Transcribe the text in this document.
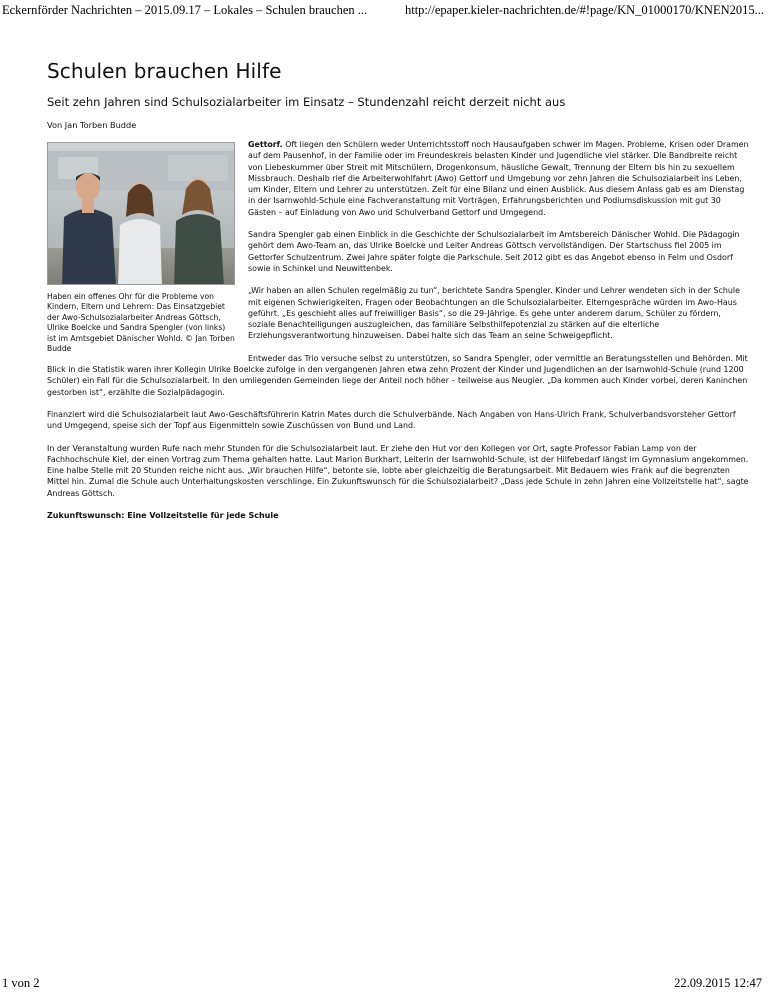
Eckernförder Nachrichten – 2015.09.17 – Lokales – Schulen brauchen ...	http://epaper.kieler-nachrichten.de/#!page/KN_01000170/KNEN2015...
Schulen brauchen Hilfe
Seit zehn Jahren sind Schulsozialarbeiter im Einsatz – Stundenzahl reicht derzeit nicht aus
Von Jan Torben Budde
Haben ein offenes Ohr für die Probleme von Kindern, Eltern und Lehrern: Das Einsatzgebiet der Awo-Schulsozialarbeiter Andreas Göttsch, Ulrike Boelcke und Sandra Spengler (von links) ist im Amtsgebiet Dänischer Wohld. © Jan Torben Budde

Gettorf. Oft liegen den Schülern weder Unterrichtsstoff noch Hausaufgaben schwer im Magen. Probleme, Krisen oder Dramen auf dem Pausenhof, in der Familie oder im Freundeskreis belasten Kinder und Jugendliche viel stärker. Die Bandbreite reicht von Liebeskummer über Streit mit Mitschülern, Drogenkonsum, häusliche Gewalt, Trennung der Eltern bis hin zu sexuellem Missbrauch. Deshalb rief die Arbeiterwohlfahrt (Awo) Gettorf und Umgebung vor zehn Jahren die Schulsozialarbeit ins Leben, um Kinder, Eltern und Lehrer zu unterstützen. Zeit für eine Bilanz und einen Ausblick. Aus diesem Anlass gab es am Dienstag in der Isarnwohld-Schule eine Fachveranstaltung mit Vorträgen, Erfahrungsberichten und Podiumsdiskussion mit gut 30 Gästen – auf Einladung von Awo und Schulverband Gettorf und Umgegend.

Sandra Spengler gab einen Einblick in die Geschichte der Schulsozialarbeit im Amtsbereich Dänischer Wohld. Die Pädagogin gehört dem Awo-Team an, das Ulrike Boelcke und Leiter Andreas Göttsch vervollständigen. Der Startschuss fiel 2005 im Gettorfer Schulzentrum. Zwei Jahre später folgte die Parkschule. Seit 2012 gibt es das Angebot ebenso in Felm und Osdorf sowie in Schinkel und Neuwittenbek.

„Wir haben an allen Schulen regelmäßig zu tun“, berichtete Sandra Spengler. Kinder und Lehrer wendeten sich in der Schule mit eigenen Schwierigkeiten, Fragen oder Beobachtungen an die Schulsozialarbeiter. Elterngespräche würden im Awo-Haus geführt. „Es geschieht alles auf freiwilliger Basis“, so die 29-Jährige. Es gehe unter anderem darum, Schüler zu fördern, soziale Benachteiligungen auszugleichen, das familiäre Selbsthilfepotenzial zu stärken auf die elterliche Erziehungsverantwortung hinzuweisen. Dabei halte sich das Team an seine Schweigepflicht.

Entweder das Trio versuche selbst zu unterstützen, so Sandra Spengler, oder vermittle an Beratungsstellen und Behörden. Mit Blick in die Statistik waren ihrer Kollegin Ulrike Boelcke zufolge in den vergangenen Jahren etwa zehn Prozent der Kinder und Jugendlichen an der Isarnwohld-Schule (rund 1200 Schüler) ein Fall für die Schulsozialarbeit. In den umliegenden Gemeinden liege der Anteil noch höher – teilweise aus Neugier. „Da kommen auch Kinder vorbei, deren Kaninchen gestorben ist“, erzählte die Sozialpädagogin.

Finanziert wird die Schulsozialarbeit laut Awo-Geschäftsführerin Katrin Mates durch die Schulverbände. Nach Angaben von Hans-Ulrich Frank, Schulverbandsvorsteher Gettorf und Umgegend, speise sich der Topf aus Eigenmitteln sowie Zuschüssen von Bund und Land.

In der Veranstaltung wurden Rufe nach mehr Stunden für die Schulsozialarbeit laut. Er ziehe den Hut vor den Kollegen vor Ort, sagte Professor Fabian Lamp von der Fachhochschule Kiel, der einen Vortrag zum Thema gehalten hatte. Laut Marion Burkhart, Leiterin der Isarnwohld-Schule, ist der Hilfebedarf längst im Gymnasium angekommen. Eine halbe Stelle mit 20 Stunden reiche nicht aus. „Wir brauchen Hilfe“, betonte sie, lobte aber gleichzeitig die Beratungsarbeit. Mit Bedauern wies Frank auf die begrenzten Mittel hin. Zumal die Schule auch Unterhaltungskosten verschlinge. Ein Zukunftswunsch für die Schulsozialarbeit? „Dass jede Schule in zehn Jahren eine Vollzeitstelle hat“, sagte Andreas Göttsch.

Zukunftswunsch: Eine Vollzeitstelle für jede Schule
1 von 2	22.09.2015 12:47
